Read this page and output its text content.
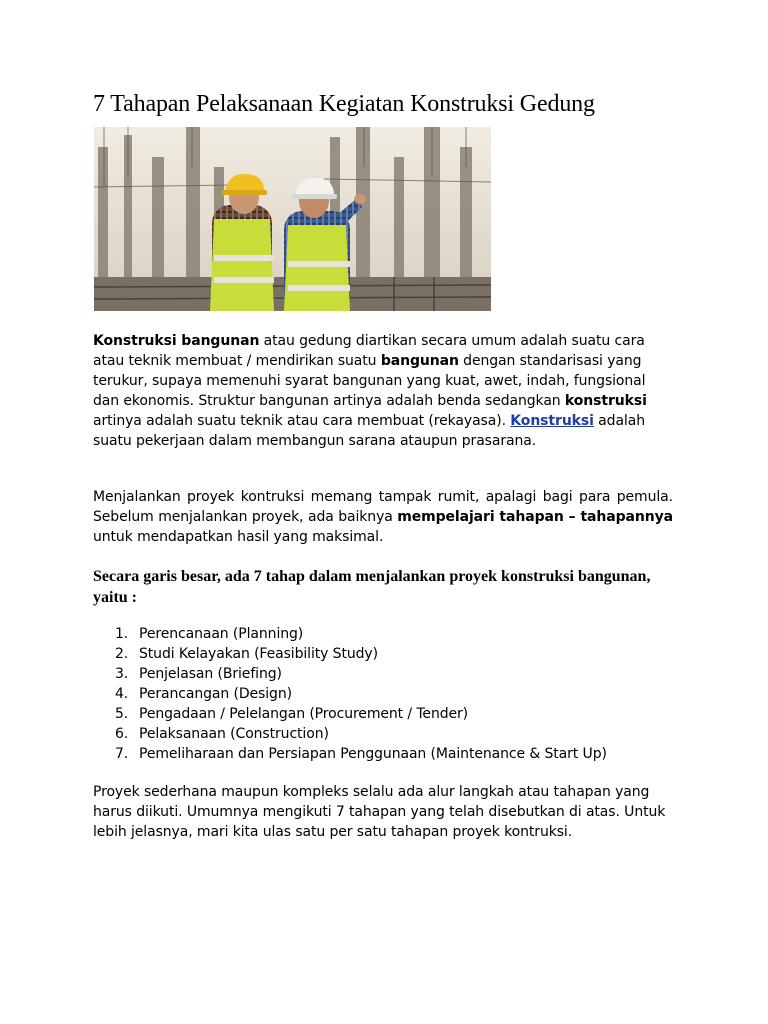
7 Tahapan Pelaksanaan Kegiatan Konstruksi Gedung

Konstruksi bangunan atau gedung diartikan secara umum adalah suatu cara atau teknik membuat / mendirikan suatu bangunan dengan standarisasi yang terukur, supaya memenuhi syarat bangunan yang kuat, awet, indah, fungsional dan ekonomis. Struktur bangunan artinya adalah benda sedangkan konstruksi artinya adalah suatu teknik atau cara membuat (rekayasa). Konstruksi adalah suatu pekerjaan dalam membangun sarana ataupun prasarana.

Menjalankan proyek kontruksi memang tampak rumit, apalagi bagi para pemula. Sebelum menjalankan proyek, ada baiknya mempelajari tahapan – tahapannya untuk mendapatkan hasil yang maksimal.

Secara garis besar, ada 7 tahap dalam menjalankan proyek konstruksi bangunan, yaitu :
1. Perencanaan (Planning)
2. Studi Kelayakan (Feasibility Study)
3. Penjelasan (Briefing)
4. Perancangan (Design)
5. Pengadaan / Pelelangan (Procurement / Tender)
6. Pelaksanaan (Construction)
7. Pemeliharaan dan Persiapan Penggunaan (Maintenance & Start Up)

Proyek sederhana maupun kompleks selalu ada alur langkah atau tahapan yang harus diikuti. Umumnya mengikuti 7 tahapan yang telah disebutkan di atas. Untuk lebih jelasnya, mari kita ulas satu per satu tahapan proyek kontruksi.
